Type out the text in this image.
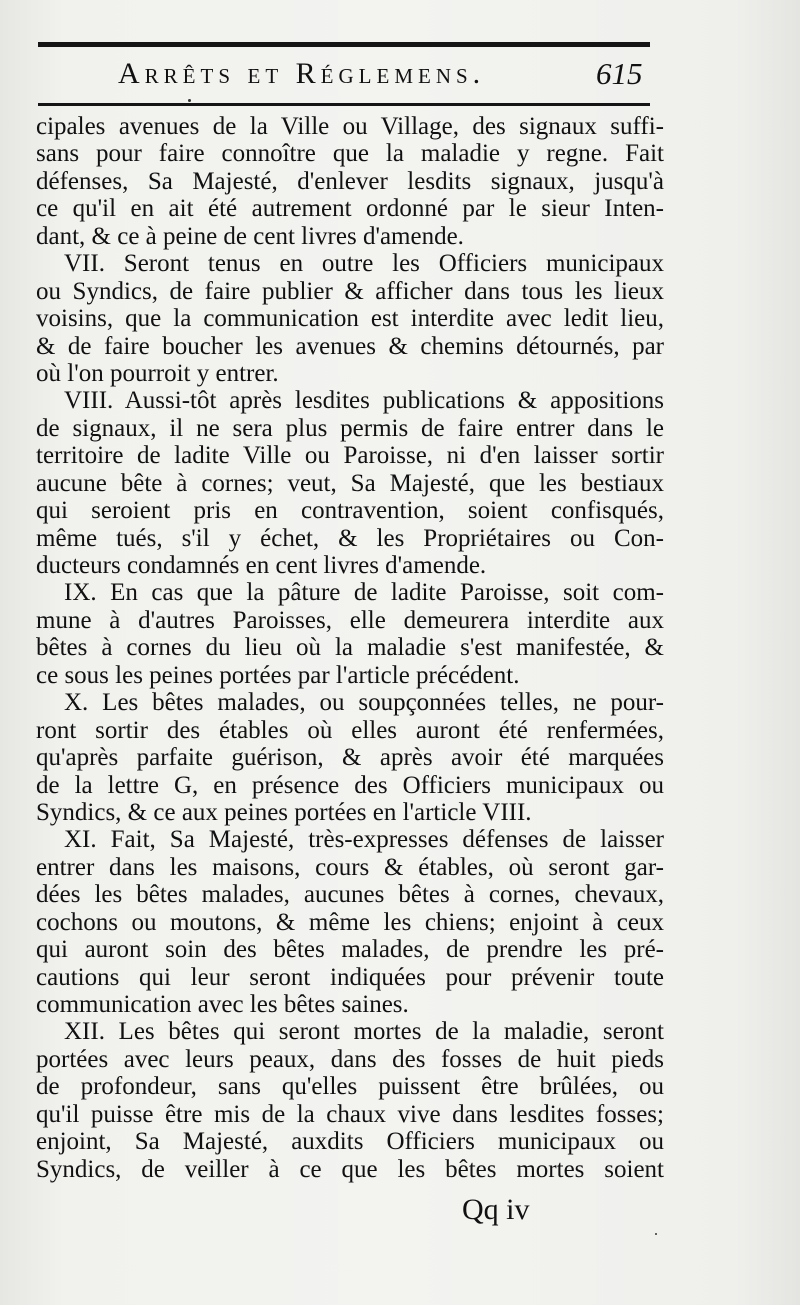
Arrêts et Réglemens.	615
cipales avenues de la Ville ou Village, des signaux suffi-
sans pour faire connoître que la maladie y regne. Fait
défenses, Sa Majesté, d'enlever lesdits signaux, jusqu'à
ce qu'il en ait été autrement ordonné par le sieur Inten-
dant, & ce à peine de cent livres d'amende.
VII. Seront tenus en outre les Officiers municipaux
ou Syndics, de faire publier & afficher dans tous les lieux
voisins, que la communication est interdite avec ledit lieu,
& de faire boucher les avenues & chemins détournés, par
où l'on pourroit y entrer.
VIII. Aussi-tôt après lesdites publications & appositions
de signaux, il ne sera plus permis de faire entrer dans le
territoire de ladite Ville ou Paroisse, ni d'en laisser sortir
aucune bête à cornes; veut, Sa Majesté, que les bestiaux
qui seroient pris en contravention, soient confisqués,
même tués, s'il y échet, & les Propriétaires ou Con-
ducteurs condamnés en cent livres d'amende.
IX. En cas que la pâture de ladite Paroisse, soit com-
mune à d'autres Paroisses, elle demeurera interdite aux
bêtes à cornes du lieu où la maladie s'est manifestée, &
ce sous les peines portées par l'article précédent.
X. Les bêtes malades, ou soupçonnées telles, ne pour-
ront sortir des étables où elles auront été renfermées,
qu'après parfaite guérison, & après avoir été marquées
de la lettre G, en présence des Officiers municipaux ou
Syndics, & ce aux peines portées en l'article VIII.
XI. Fait, Sa Majesté, très-expresses défenses de laisser
entrer dans les maisons, cours & étables, où seront gar-
dées les bêtes malades, aucunes bêtes à cornes, chevaux,
cochons ou moutons, & même les chiens; enjoint à ceux
qui auront soin des bêtes malades, de prendre les pré-
cautions qui leur seront indiquées pour prévenir toute
communication avec les bêtes saines.
XII. Les bêtes qui seront mortes de la maladie, seront
portées avec leurs peaux, dans des fosses de huit pieds
de profondeur, sans qu'elles puissent être brûlées, ou
qu'il puisse être mis de la chaux vive dans lesdites fosses;
enjoint, Sa Majesté, auxdits Officiers municipaux ou
Syndics, de veiller à ce que les bêtes mortes soient
Qq iv
